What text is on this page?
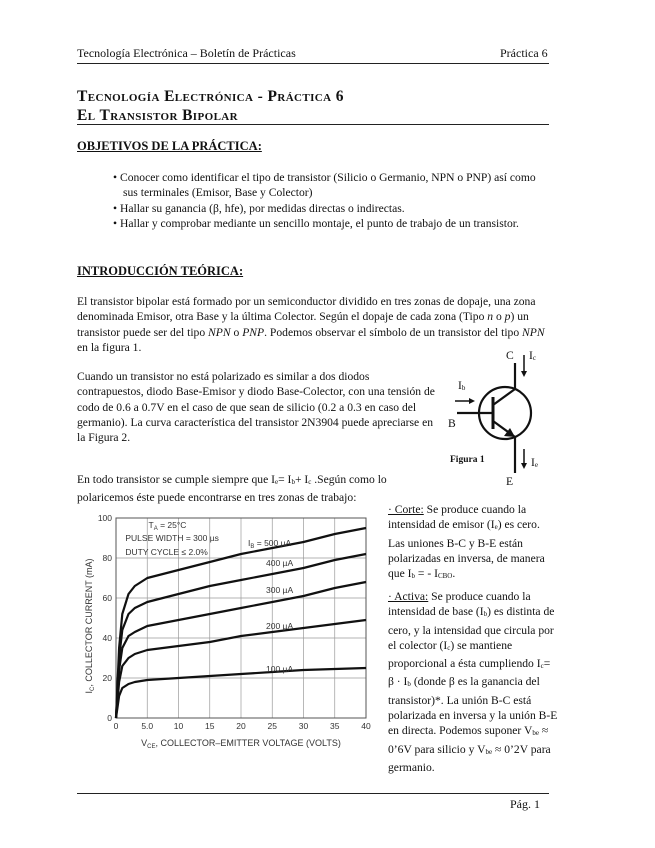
Tecnología Electrónica – Boletín de Prácticas	Práctica 6
Tecnología Electrónica - Práctica 6
El Transistor Bipolar
OBJETIVOS DE LA PRÁCTICA:
• Conocer como identificar el tipo de transistor (Silicio o Germanio, NPN o PNP) así como sus terminales (Emisor, Base y Colector)
• Hallar su ganancia (β, hfe), por medidas directas o indirectas.
• Hallar y comprobar mediante un sencillo montaje, el punto de trabajo de un transistor.
INTRODUCCIÓN TEÓRICA:

El transistor bipolar está formado por un semiconductor dividido en tres zonas de dopaje, una zona denominada Emisor, otra Base y la última Colector. Según el dopaje de cada zona (Tipo n o p) un transistor puede ser del tipo NPN o PNP. Podemos observar el símbolo de un transistor del tipo NPN en la figura 1.

Cuando un transistor no está polarizado es similar a dos diodos contrapuestos, diodo Base-Emisor y diodo Base-Colector, con una tensión de codo de 0.6 a 0.7V en el caso de que sean de silicio (0.2 a 0.3 en caso del germanio). La curva característica del transistor 2N3904 puede apreciarse en la Figura 2.

C $I_c$
$I_b$
B
Figura 1	$I_e$
E

En todo transistor se cumple siempre que $I_e= I_b+ I_c$ .Según como lo polaricemos éste puede encontrarse en tres zonas de trabajo:

0	5.0 10	15	20	25	30	35	40
0
20
40
60
80
100
$I_B = 500$ µA
400 µA
300 µA
200 µA
100 µA
$T_A = 25^\circ C$
PULSE WIDTH = 300 µs
DUTY CYCLE ≤ 2.0%
$V_{CE}$, COLLECTOR–EMITTER VOLTAGE (VOLTS)
$I_C$, COLLECTOR CURRENT (mA)

· Corte: Se produce cuando la intensidad de emisor $(I_e)$ es cero. Las uniones B-C y B-E están polarizadas en inversa, de manera que $I_b$ = - $I_{CBO}$.

· Activa: Se produce cuando la intensidad de base $(I_b)$ es distinta de cero, y la intensidad que circula por el colector $(I_c)$ se mantiene proporcional a ésta cumpliendo $I_c= \beta \cdot I_b$ (donde β es la ganancia del transistor)*. La unión B-C está polarizada en inversa y la unión B-E en directa. Podemos suponer $V_{be}$ ≈ 0’6V para silicio y $V_{be}$ ≈ 0’2V para germanio.

Pág. 1
